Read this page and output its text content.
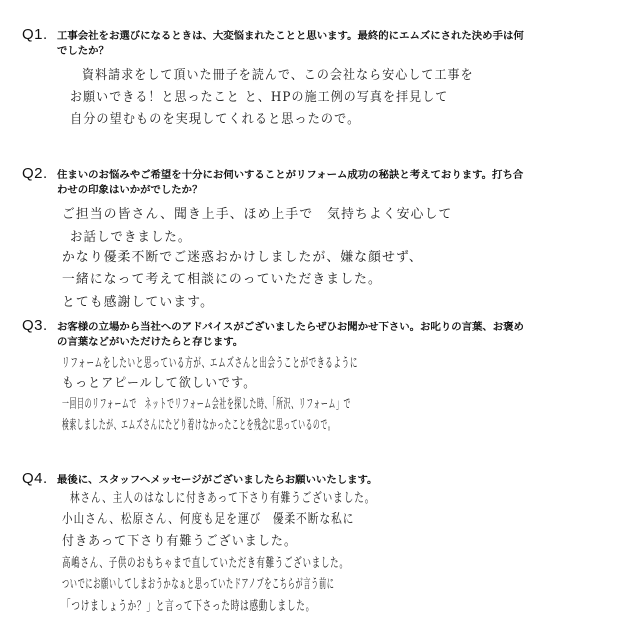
Q1. 工事会社をお選びになるときは、大変悩まれたことと思います。最終的にエムズにされた決め手は何
でしたか？
資料請求をして頂いた冊子を読んで、この会社なら安心して工事を
お願いできる！と思ったこと と、HPの施工例の写真を拝見して
自分の望むものを実現してくれると思ったので。
Q2. 住まいのお悩みやご希望を十分にお伺いすることがリフォーム成功の秘訣と考えております。打ち合
わせの印象はいかがでしたか？
ご担当の皆さん、聞き上手、ほめ上手で　気持ちよく安心して
お話しできました。
かなり優柔不断でご迷惑おかけしましたが、嫌な顔せず、
一緒になって考えて相談にのっていただきました。
とても感謝しています。
Q3. お客様の立場から当社へのアドバイスがございましたらぜひお聞かせ下さい。お叱りの言葉、お褒め
の言葉などがいただけたらと存じます。
リフォームをしたいと思っている方が、エムズさんと出会うことができるように
もっとアピールして欲しいです。
一回目のリフォームで　ネットでリフォーム会社を探した時、「所沢、リフォーム」で
検索しましたが、エムズさんにたどり着けなかったことを残念に思っているので。
Q4. 最後に、スタッフへメッセージがございましたらお願いいたします。
林さん、主人のはなしに付きあって下さり有難うございました。
小山さん、松原さん、何度も足を運び　優柔不断な私に
付きあって下さり有難うございました。
高嶋さん、子供のおもちゃまで直していただき有難うございました。
ついでにお願いしてしまおうかなぁと思っていたドアノブをこちらが言う前に
「つけましょうか？」と言って下さった時は感動しました。
